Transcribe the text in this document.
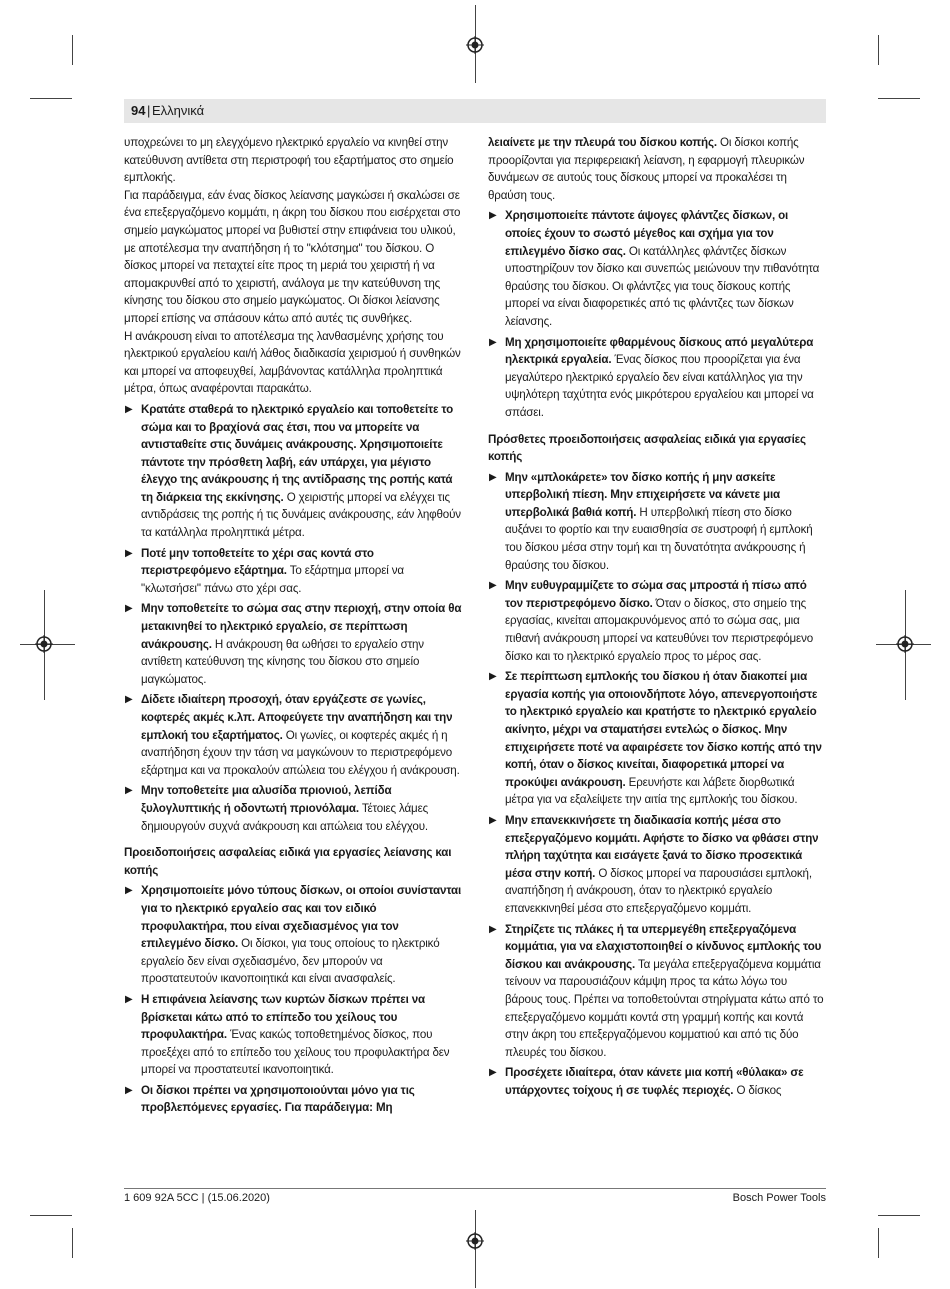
94 | Ελληνικά

υποχρεώνει το μη ελεγχόμενο ηλεκτρικό εργαλείο να κινηθεί στην κατεύθυνση αντίθετα στη περιστροφή του εξαρτήματος στο σημείο εμπλοκής.

Για παράδειγμα, εάν ένας δίσκος λείανσης μαγκώσει ή σκαλώσει σε ένα επεξεργαζόμενο κομμάτι, η άκρη του δίσκου που εισέρχεται στο σημείο μαγκώματος μπορεί να βυθιστεί στην επιφάνεια του υλικού, με αποτέλεσμα την αναπήδηση ή το "κλότσημα" του δίσκου. Ο δίσκος μπορεί να πεταχτεί είτε προς τη μεριά του χειριστή ή να απομακρυνθεί από το χειριστή, ανάλογα με την κατεύθυνση της κίνησης του δίσκου στο σημείο μαγκώματος. Οι δίσκοι λείανσης μπορεί επίσης να σπάσουν κάτω από αυτές τις συνθήκες.

Η ανάκρουση είναι το αποτέλεσμα της λανθασμένης χρήσης του ηλεκτρικού εργαλείου και/ή λάθος διαδικασία χειρισμού ή συνθηκών και μπορεί να αποφευχθεί, λαμβάνοντας κατάλληλα προληπτικά μέτρα, όπως αναφέρονται παρακάτω.

▶ Κρατάτε σταθερά το ηλεκτρικό εργαλείο και τοποθετείτε το σώμα και το βραχίονά σας έτσι, που να μπορείτε να αντισταθείτε στις δυνάμεις ανάκρουσης. Χρησιμοποιείτε πάντοτε την πρόσθετη λαβή, εάν υπάρχει, για μέγιστο έλεγχο της ανάκρουσης ή της αντίδρασης της ροπής κατά τη διάρκεια της εκκίνησης. Ο χειριστής μπορεί να ελέγχει τις αντιδράσεις της ροπής ή τις δυνάμεις ανάκρουσης, εάν ληφθούν τα κατάλληλα προληπτικά μέτρα.
▶ Ποτέ μην τοποθετείτε το χέρι σας κοντά στο περιστρεφόμενο εξάρτημα. Το εξάρτημα μπορεί να "κλωτσήσει" πάνω στο χέρι σας.
▶ Μην τοποθετείτε το σώμα σας στην περιοχή, στην οποία θα μετακινηθεί το ηλεκτρικό εργαλείο, σε περίπτωση ανάκρουσης. Η ανάκρουση θα ωθήσει το εργαλείο στην αντίθετη κατεύθυνση της κίνησης του δίσκου στο σημείο μαγκώματος.
▶ Δίδετε ιδιαίτερη προσοχή, όταν εργάζεστε σε γωνίες, κοφτερές ακμές κ.λπ. Αποφεύγετε την αναπήδηση και την εμπλοκή του εξαρτήματος. Οι γωνίες, οι κοφτερές ακμές ή η αναπήδηση έχουν την τάση να μαγκώνουν το περιστρεφόμενο εξάρτημα και να προκαλούν απώλεια του ελέγχου ή ανάκρουση.
▶ Μην τοποθετείτε μια αλυσίδα πριονιού, λεπίδα ξυλογλυπτικής ή οδοντωτή πριονόλαμα. Τέτοιες λάμες δημιουργούν συχνά ανάκρουση και απώλεια του ελέγχου.
Προειδοποιήσεις ασφαλείας ειδικά για εργασίες λείανσης και κοπής
▶ Χρησιμοποιείτε μόνο τύπους δίσκων, οι οποίοι συνίστανται για το ηλεκτρικό εργαλείο σας και τον ειδικό προφυλακτήρα, που είναι σχεδιασμένος για τον επιλεγμένο δίσκο. Οι δίσκοι, για τους οποίους το ηλεκτρικό εργαλείο δεν είναι σχεδιασμένο, δεν μπορούν να προστατευτούν ικανοποιητικά και είναι ανασφαλείς.
▶ Η επιφάνεια λείανσης των κυρτών δίσκων πρέπει να βρίσκεται κάτω από το επίπεδο του χείλους του προφυλακτήρα. Ένας κακώς τοποθετημένος δίσκος, που προεξέχει από το επίπεδο του χείλους του προφυλακτήρα δεν μπορεί να προστατευτεί ικανοποιητικά.
▶ Οι δίσκοι πρέπει να χρησιμοποιούνται μόνο για τις προβλεπόμενες εργασίες. Για παράδειγμα: Μη

λειαίνετε με την πλευρά του δίσκου κοπής. Οι δίσκοι κοπής προορίζονται για περιφερειακή λείανση, η εφαρμογή πλευρικών δυνάμεων σε αυτούς τους δίσκους μπορεί να προκαλέσει τη θραύση τους.

▶ Χρησιμοποιείτε πάντοτε άψογες φλάντζες δίσκων, οι οποίες έχουν το σωστό μέγεθος και σχήμα για τον επιλεγμένο δίσκο σας. Οι κατάλληλες φλάντζες δίσκων υποστηρίζουν τον δίσκο και συνεπώς μειώνουν την πιθανότητα θραύσης του δίσκου. Οι φλάντζες για τους δίσκους κοπής μπορεί να είναι διαφορετικές από τις φλάντζες των δίσκων λείανσης.
▶ Μη χρησιμοποιείτε φθαρμένους δίσκους από μεγαλύτερα ηλεκτρικά εργαλεία. Ένας δίσκος που προορίζεται για ένα μεγαλύτερο ηλεκτρικό εργαλείο δεν είναι κατάλληλος για την υψηλότερη ταχύτητα ενός μικρότερου εργαλείου και μπορεί να σπάσει.
Πρόσθετες προειδοποιήσεις ασφαλείας ειδικά για εργασίες κοπής
▶ Μην «μπλοκάρετε» τον δίσκο κοπής ή μην ασκείτε υπερβολική πίεση. Μην επιχειρήσετε να κάνετε μια υπερβολικά βαθιά κοπή. Η υπερβολική πίεση στο δίσκο αυξάνει το φορτίο και την ευαισθησία σε συστροφή ή εμπλοκή του δίσκου μέσα στην τομή και τη δυνατότητα ανάκρουσης ή θραύσης του δίσκου.
▶ Μην ευθυγραμμίζετε το σώμα σας μπροστά ή πίσω από τον περιστρεφόμενο δίσκο. Όταν ο δίσκος, στο σημείο της εργασίας, κινείται απομακρυνόμενος από το σώμα σας, μια πιθανή ανάκρουση μπορεί να κατευθύνει τον περιστρεφόμενο δίσκο και το ηλεκτρικό εργαλείο προς το μέρος σας.
▶ Σε περίπτωση εμπλοκής του δίσκου ή όταν διακοπεί μια εργασία κοπής για οποιονδήποτε λόγο, απενεργοποιήστε το ηλεκτρικό εργαλείο και κρατήστε το ηλεκτρικό εργαλείο ακίνητο, μέχρι να σταματήσει εντελώς ο δίσκος. Μην επιχειρήσετε ποτέ να αφαιρέσετε τον δίσκο κοπής από την κοπή, όταν ο δίσκος κινείται, διαφορετικά μπορεί να προκύψει ανάκρουση. Ερευνήστε και λάβετε διορθωτικά μέτρα για να εξαλείψετε την αιτία της εμπλοκής του δίσκου.
▶ Μην επανεκκινήσετε τη διαδικασία κοπής μέσα στο επεξεργαζόμενο κομμάτι. Αφήστε το δίσκο να φθάσει στην πλήρη ταχύτητα και εισάγετε ξανά το δίσκο προσεκτικά μέσα στην κοπή. Ο δίσκος μπορεί να παρουσιάσει εμπλοκή, αναπήδηση ή ανάκρουση, όταν το ηλεκτρικό εργαλείο επανεκκινηθεί μέσα στο επεξεργαζόμενο κομμάτι.
▶ Στηρίζετε τις πλάκες ή τα υπερμεγέθη επεξεργαζόμενα κομμάτια, για να ελαχιστοποιηθεί ο κίνδυνος εμπλοκής του δίσκου και ανάκρουσης. Τα μεγάλα επεξεργαζόμενα κομμάτια τείνουν να παρουσιάζουν κάμψη προς τα κάτω λόγω του βάρους τους. Πρέπει να τοποθετούνται στηρίγματα κάτω από το επεξεργαζόμενο κομμάτι κοντά στη γραμμή κοπής και κοντά στην άκρη του επεξεργαζόμενου κομματιού και από τις δύο πλευρές του δίσκου.
▶ Προσέχετε ιδιαίτερα, όταν κάνετε μια κοπή «θύλακα» σε υπάρχοντες τοίχους ή σε τυφλές περιοχές. Ο δίσκος
1 609 92A 5CC | (15.06.2020)	Bosch Power Tools
